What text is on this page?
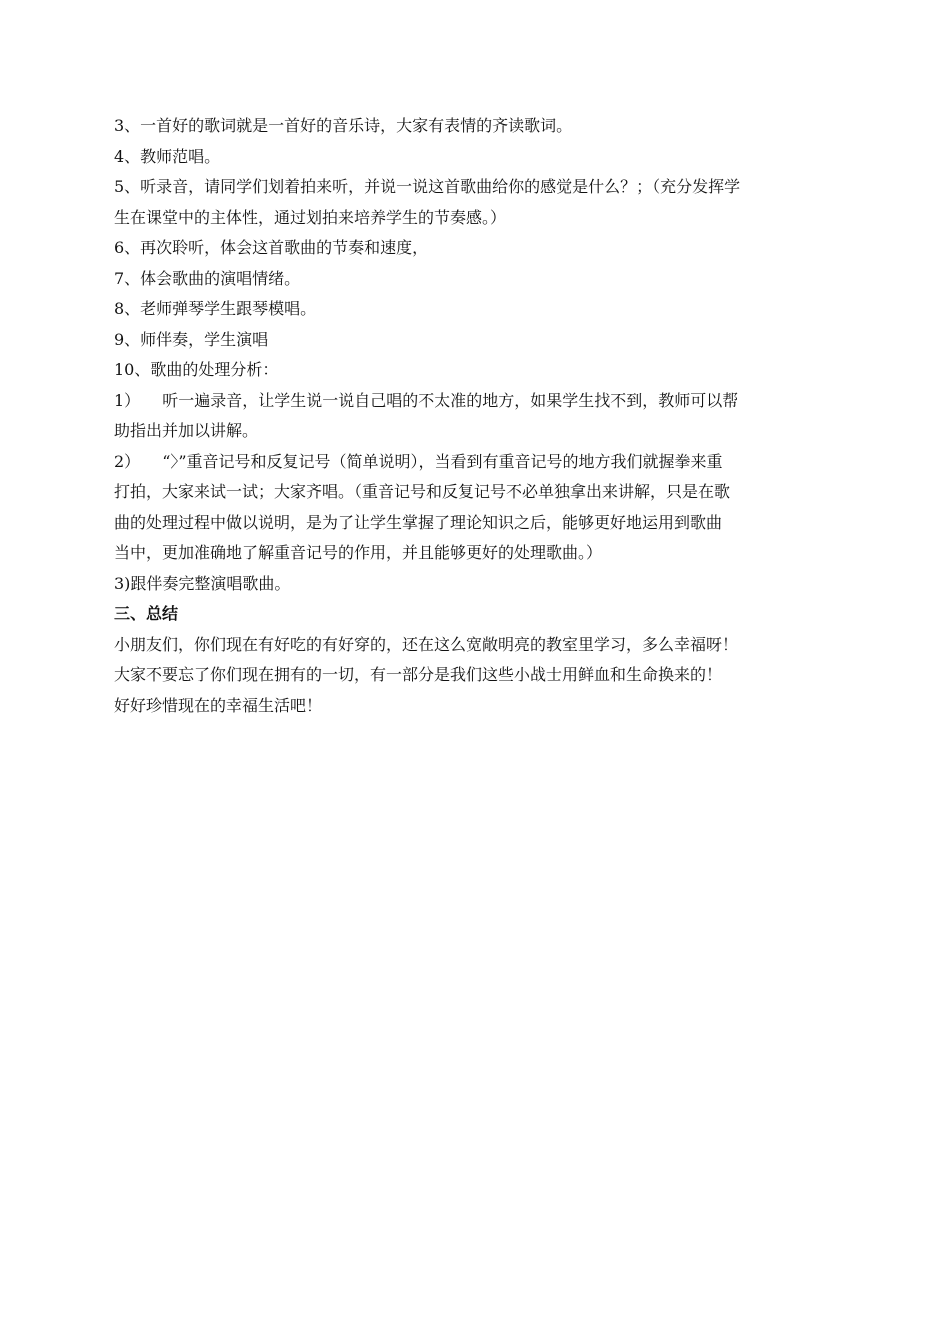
3、一首好的歌词就是一首好的音乐诗，大家有表情的齐读歌词。
4、教师范唱。
5、听录音，请同学们划着拍来听，并说一说这首歌曲给你的感觉是什么？；（充分发挥学
生在课堂中的主体性，通过划拍来培养学生的节奏感。）
6、再次聆听，体会这首歌曲的节奏和速度，
7、体会歌曲的演唱情绪。
8、老师弹琴学生跟琴模唱。
9、师伴奏，学生演唱
10、歌曲的处理分析：
1） 听一遍录音，让学生说一说自己唱的不太准的地方，如果学生找不到，教师可以帮
助指出并加以讲解。
2） “〉”重音记号和反复记号（简单说明），当看到有重音记号的地方我们就握拳来重
打拍，大家来试一试；大家齐唱。（重音记号和反复记号不必单独拿出来讲解，只是在歌
曲的处理过程中做以说明，是为了让学生掌握了理论知识之后，能够更好地运用到歌曲
当中，更加准确地了解重音记号的作用，并且能够更好的处理歌曲。）
3)跟伴奏完整演唱歌曲。
三、总结
小朋友们，你们现在有好吃的有好穿的，还在这么宽敞明亮的教室里学习，多么幸福呀！
大家不要忘了你们现在拥有的一切，有一部分是我们这些小战士用鲜血和生命换来的！
好好珍惜现在的幸福生活吧！
